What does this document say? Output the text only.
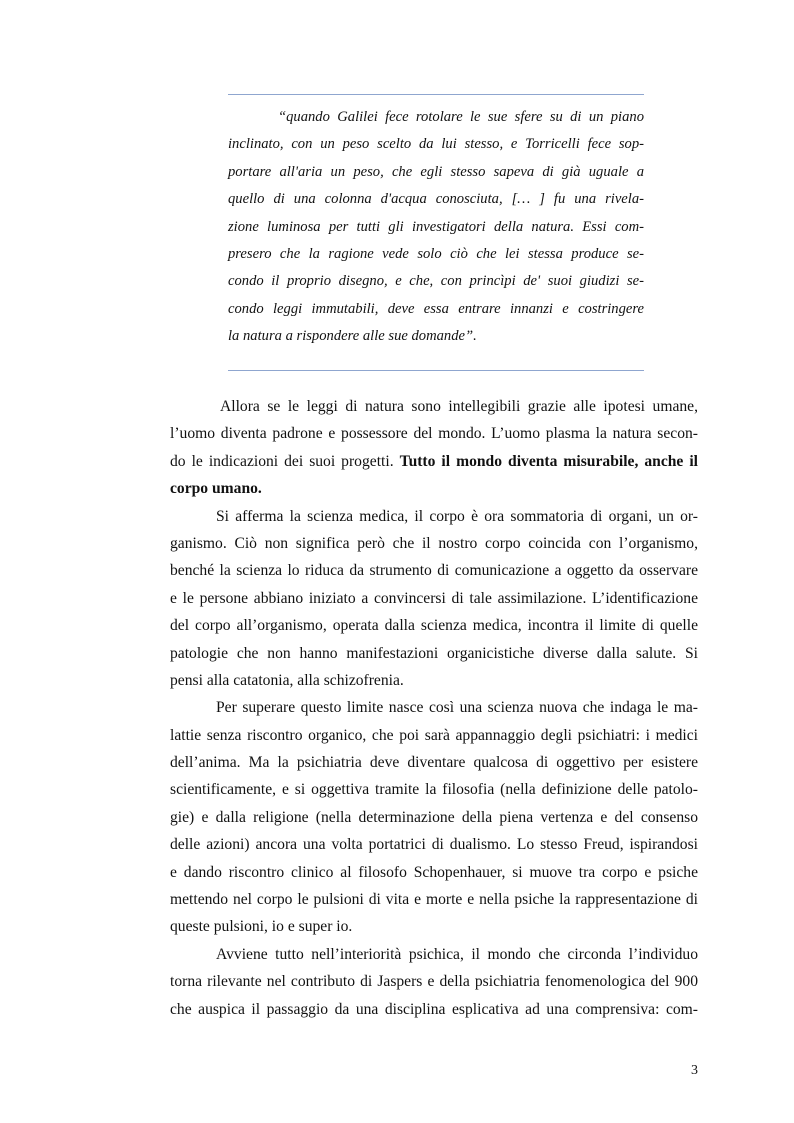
“quando Galilei fece rotolare le sue sfere su di un piano
inclinato, con un peso scelto da lui stesso, e Torricelli fece sop-
portare all'aria un peso, che egli stesso sapeva di già uguale a
quello di una colonna d'acqua conosciuta, [… ] fu una rivela-
zione luminosa per tutti gli investigatori della natura. Essi com-
presero che la ragione vede solo ciò che lei stessa produce se-
condo il proprio disegno, e che, con princìpi de' suoi giudizi se-
condo leggi immutabili, deve essa entrare innanzi e costringere
la natura a rispondere alle sue domande”.
Allora se le leggi di natura sono intellegibili grazie alle ipotesi umane,
l’uomo diventa padrone e possessore del mondo. L’uomo plasma la natura secon-
do le indicazioni dei suoi progetti. Tutto il mondo diventa misurabile, anche il
corpo umano.
Si afferma la scienza medica, il corpo è ora sommatoria di organi, un or-
ganismo. Ciò non significa però che il nostro corpo coincida con l’organismo,
benché la scienza lo riduca da strumento di comunicazione a oggetto da osservare
e le persone abbiano iniziato a convincersi di tale assimilazione. L’identificazione
del corpo all’organismo, operata dalla scienza medica, incontra il limite di quelle
patologie che non hanno manifestazioni organicistiche diverse dalla salute. Si
pensi alla catatonia, alla schizofrenia.
Per superare questo limite nasce così una scienza nuova che indaga le ma-
lattie senza riscontro organico, che poi sarà appannaggio degli psichiatri: i medici
dell’anima. Ma la psichiatria deve diventare qualcosa di oggettivo per esistere
scientificamente, e si oggettiva tramite la filosofia (nella definizione delle patolo-
gie) e dalla religione (nella determinazione della piena vertenza e del consenso
delle azioni) ancora una volta portatrici di dualismo. Lo stesso Freud, ispirandosi
e dando riscontro clinico al filosofo Schopenhauer, si muove tra corpo e psiche
mettendo nel corpo le pulsioni di vita e morte e nella psiche la rappresentazione di
queste pulsioni, io e super io.
Avviene tutto nell’interiorità psichica, il mondo che circonda l’individuo
torna rilevante nel contributo di Jaspers e della psichiatria fenomenologica del 900
che auspica il passaggio da una disciplina esplicativa ad una comprensiva: com-
3
